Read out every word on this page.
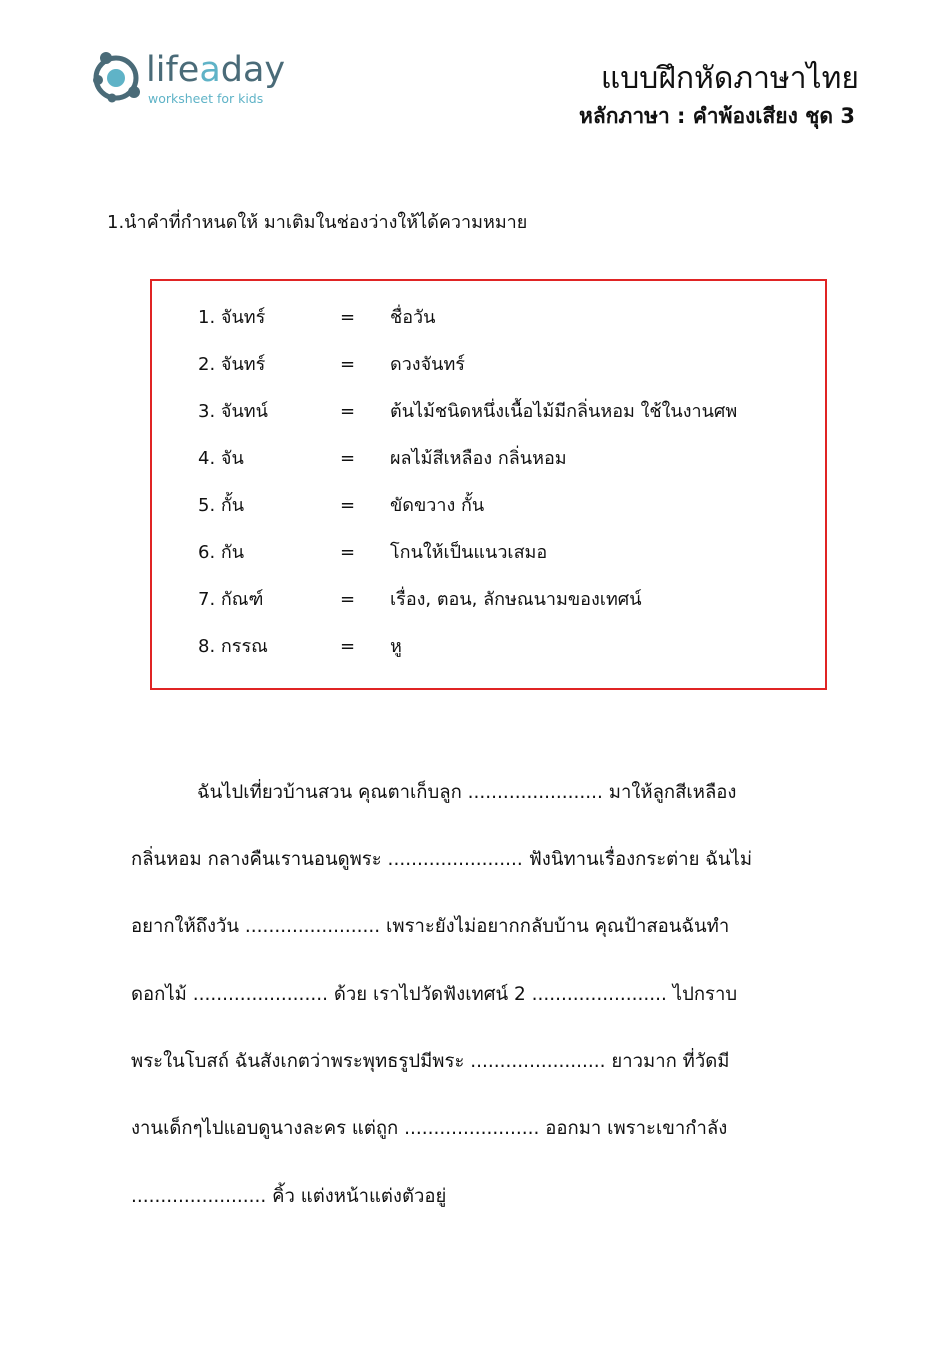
lifeaday
worksheet for kids
แบบฝึกหัดภาษาไทย
หลักภาษา : คำพ้องเสียง ชุด 3
1.นำคำที่กำหนดให้ มาเติมในช่องว่างให้ได้ความหมาย
1. จันทร์	= ชื่อวัน
2. จันทร์	= ดวงจันทร์
3. จันทน์	= ต้นไม้ชนิดหนึ่งเนื้อไม้มีกลิ่นหอม ใช้ในงานศพ
4. จัน	= ผลไม้สีเหลือง กลิ่นหอม
5. กั้น	= ขัดขวาง กั้น
6. กัน	= โกนให้เป็นแนวเสมอ
7. กัณฑ์	= เรื่อง, ตอน, ลักษณนามของเทศน์
8. กรรณ	= หู
ฉันไปเที่ยวบ้านสวน คุณตาเก็บลูก ....................... มาให้ลูกสีเหลือง
กลิ่นหอม กลางคืนเรานอนดูพระ ....................... ฟังนิทานเรื่องกระต่าย ฉันไม่
อยากให้ถึงวัน ....................... เพราะยังไม่อยากกลับบ้าน คุณป้าสอนฉันทำ
ดอกไม้ ....................... ด้วย เราไปวัดฟังเทศน์ 2 ....................... ไปกราบ
พระในโบสถ์ ฉันสังเกตว่าพระพุทธรูปมีพระ ....................... ยาวมาก ที่วัดมี
งานเด็กๆไปแอบดูนางละคร แต่ถูก ....................... ออกมา เพราะเขากำลัง
....................... คิ้ว แต่งหน้าแต่งตัวอยู่
